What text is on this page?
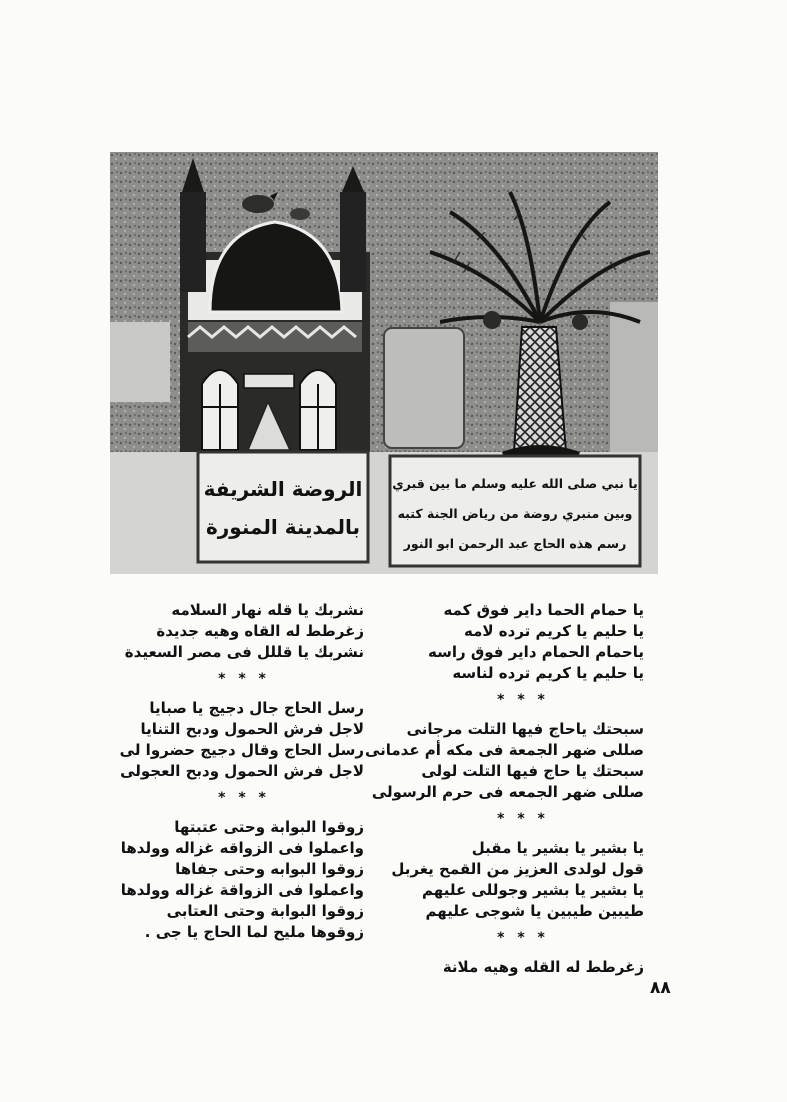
الروضة الشريفة
بالمدينة المنورة
يا نبي صلى الله عليه وسلم ما بين قبري
وبين منبري روضة من رياض الجنة كتبه
رسم هذه الحاج عبد الرحمن ابو النور
يا حمام الحما داير فوق كمه
يا حليم يا كريم ترده لامه
ياحمام الحمام داير فوق راسه
يا حليم يا كريم ترده لناسه
* * *
سبحتك ياحاج فيها التلت مرجانى
صللى ضهر الجمعة فى مكه أم عدمانى
سبحتك يا حاج فيها التلت لولى
صللى ضهر الجمعه فى حرم الرسولى
* * *
يا بشير يا بشير يا مقبل
قول لولدى العزيز من القمح يغربل
يا بشير يا بشير وجوللى عليهم
طيبين طيبين يا شوجى عليهم
* * *
زغرطط له القله وهيه ملانة
نشربك يا قله نهار السلامه
زغرطط له القاه وهيه جديدة
نشربك يا قللل فى مصر السعيدة
* * *
رسل الحاج جال دجيج يا صبايا
لاجل فرش الحمول ودبح التنايا
رسل الحاج وقال دجيج حضروا لى
لاجل فرش الحمول ودبح العجولى
* * *
زوقوا البوابة وحتى عتبتها
واعملوا فى الزواقه غزاله وولدها
زوقوا البوابه وحتى جفاها
واعملوا فى الزواقة غزاله وولدها
زوقوا البوابة وحتى العتابى
زوقوها مليح لما الحاج يا جى .
٨٨
